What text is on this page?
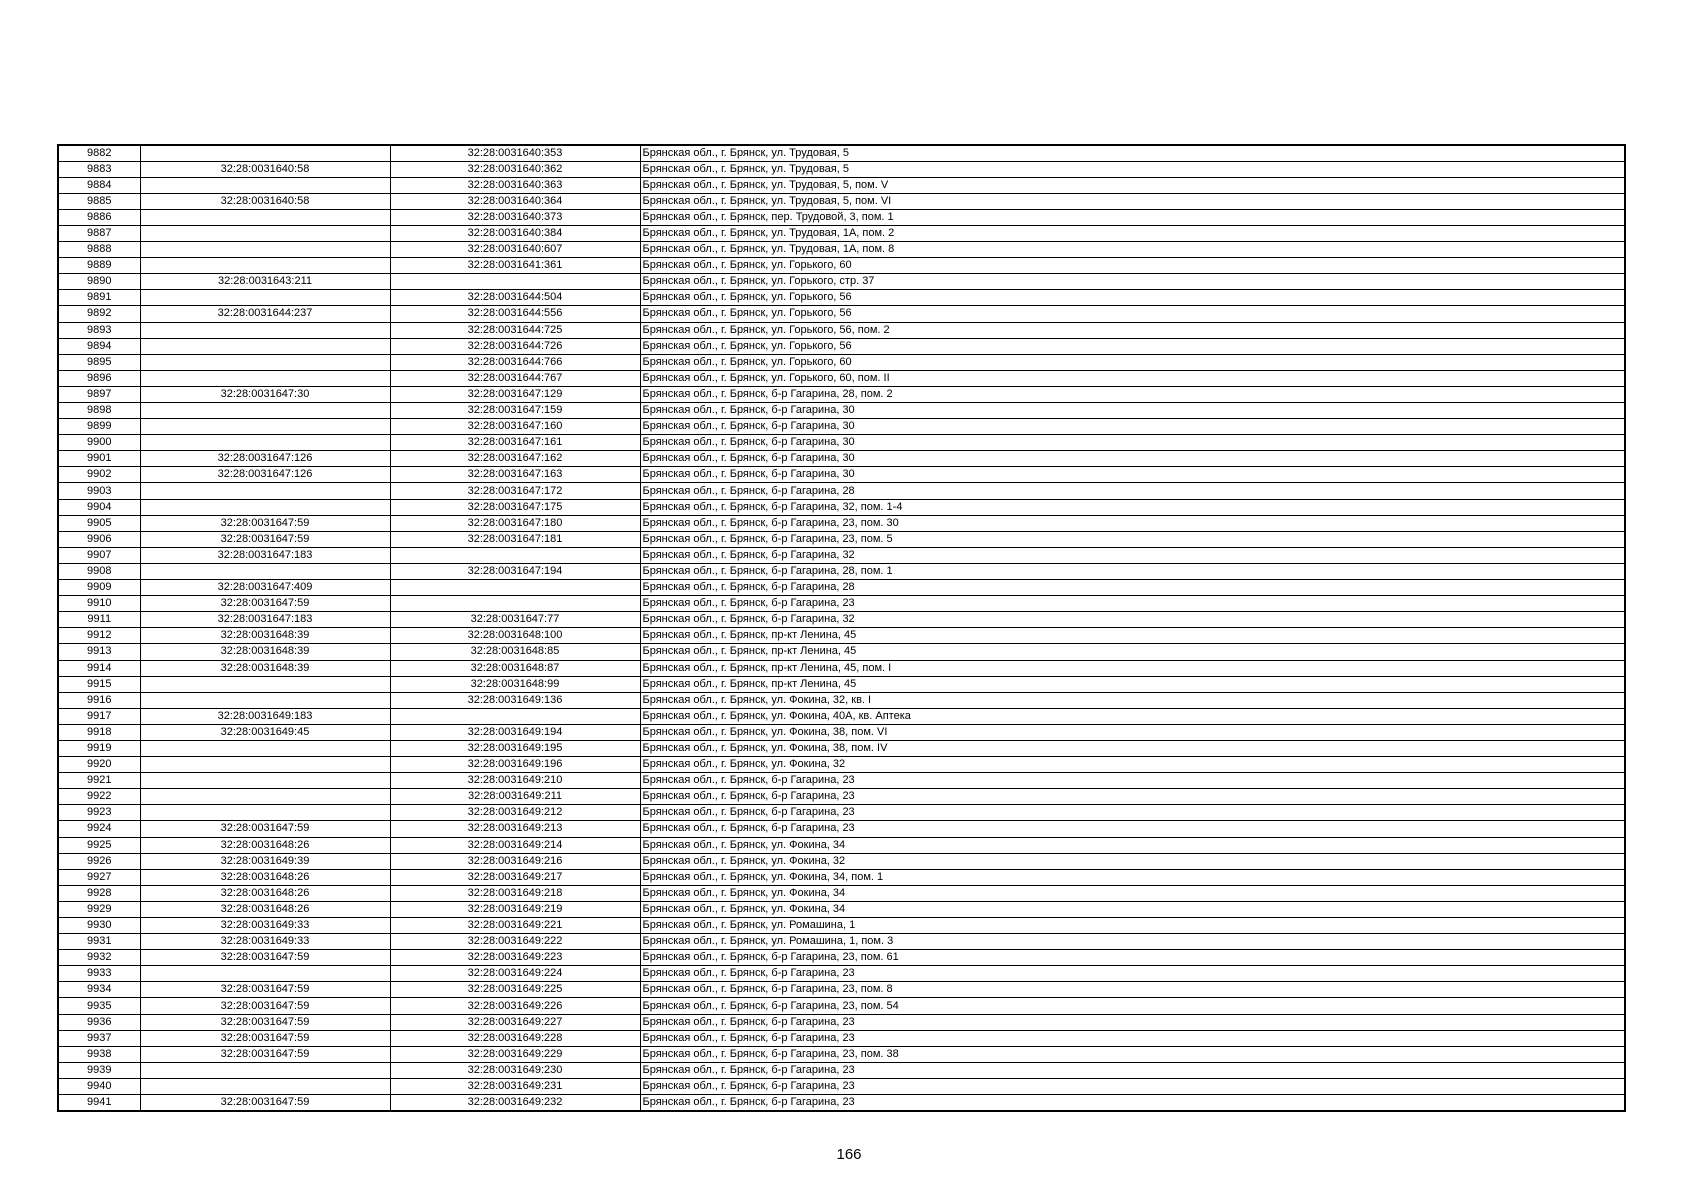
9882		32:28:0031640:353	Брянская обл., г. Брянск, ул. Трудовая, 5
9883	32:28:0031640:58	32:28:0031640:362	Брянская обл., г. Брянск, ул. Трудовая, 5
9884		32:28:0031640:363	Брянская обл., г. Брянск, ул. Трудовая, 5, пом. V
9885	32:28:0031640:58	32:28:0031640:364	Брянская обл., г. Брянск, ул. Трудовая, 5, пом. VI
9886		32:28:0031640:373	Брянская обл., г. Брянск, пер. Трудовой, 3, пом. 1
9887		32:28:0031640:384	Брянская обл., г. Брянск, ул. Трудовая, 1А, пом. 2
9888		32:28:0031640:607	Брянская обл., г. Брянск, ул. Трудовая, 1А, пом. 8
9889		32:28:0031641:361	Брянская обл., г. Брянск, ул. Горького, 60
9890	32:28:0031643:211		Брянская обл., г. Брянск, ул. Горького, стр. 37
9891		32:28:0031644:504	Брянская обл., г. Брянск, ул. Горького, 56
9892	32:28:0031644:237	32:28:0031644:556	Брянская обл., г. Брянск, ул. Горького, 56
9893		32:28:0031644:725	Брянская обл., г. Брянск, ул. Горького, 56, пом. 2
9894		32:28:0031644:726	Брянская обл., г. Брянск, ул. Горького, 56
9895		32:28:0031644:766	Брянская обл., г. Брянск, ул. Горького, 60
9896		32:28:0031644:767	Брянская обл., г. Брянск, ул. Горького, 60, пом. II
9897	32:28:0031647:30	32:28:0031647:129	Брянская обл., г. Брянск, б-р Гагарина, 28, пом. 2
9898		32:28:0031647:159	Брянская обл., г. Брянск, б-р Гагарина, 30
9899		32:28:0031647:160	Брянская обл., г. Брянск, б-р Гагарина, 30
9900		32:28:0031647:161	Брянская обл., г. Брянск, б-р Гагарина, 30
9901	32:28:0031647:126	32:28:0031647:162	Брянская обл., г. Брянск, б-р Гагарина, 30
9902	32:28:0031647:126	32:28:0031647:163	Брянская обл., г. Брянск, б-р Гагарина, 30
9903		32:28:0031647:172	Брянская обл., г. Брянск, б-р Гагарина, 28
9904		32:28:0031647:175	Брянская обл., г. Брянск, б-р Гагарина, 32, пом. 1-4
9905	32:28:0031647:59	32:28:0031647:180	Брянская обл., г. Брянск, б-р Гагарина, 23, пом. 30
9906	32:28:0031647:59	32:28:0031647:181	Брянская обл., г. Брянск, б-р Гагарина, 23, пом. 5
9907	32:28:0031647:183		Брянская обл., г. Брянск, б-р Гагарина, 32
9908		32:28:0031647:194	Брянская обл., г. Брянск, б-р Гагарина, 28, пом. 1
9909	32:28:0031647:409		Брянская обл., г. Брянск, б-р Гагарина, 28
9910	32:28:0031647:59		Брянская обл., г. Брянск, б-р Гагарина, 23
9911	32:28:0031647:183	32:28:0031647:77	Брянская обл., г. Брянск, б-р Гагарина, 32
9912	32:28:0031648:39	32:28:0031648:100	Брянская обл., г. Брянск, пр-кт Ленина, 45
9913	32:28:0031648:39	32:28:0031648:85	Брянская обл., г. Брянск, пр-кт Ленина, 45
9914	32:28:0031648:39	32:28:0031648:87	Брянская обл., г. Брянск, пр-кт Ленина, 45, пом. I
9915		32:28:0031648:99	Брянская обл., г. Брянск, пр-кт Ленина, 45
9916		32:28:0031649:136	Брянская обл., г. Брянск, ул. Фокина, 32, кв. I
9917	32:28:0031649:183		Брянская обл., г. Брянск, ул. Фокина, 40А, кв. Аптека
9918	32:28:0031649:45	32:28:0031649:194	Брянская обл., г. Брянск, ул. Фокина, 38, пом. VI
9919		32:28:0031649:195	Брянская обл., г. Брянск, ул. Фокина, 38, пом. IV
9920		32:28:0031649:196	Брянская обл., г. Брянск, ул. Фокина, 32
9921		32:28:0031649:210	Брянская обл., г. Брянск, б-р Гагарина, 23
9922		32:28:0031649:211	Брянская обл., г. Брянск, б-р Гагарина, 23
9923		32:28:0031649:212	Брянская обл., г. Брянск, б-р Гагарина, 23
9924	32:28:0031647:59	32:28:0031649:213	Брянская обл., г. Брянск, б-р Гагарина, 23
9925	32:28:0031648:26	32:28:0031649:214	Брянская обл., г. Брянск, ул. Фокина, 34
9926	32:28:0031649:39	32:28:0031649:216	Брянская обл., г. Брянск, ул. Фокина, 32
9927	32:28:0031648:26	32:28:0031649:217	Брянская обл., г. Брянск, ул. Фокина, 34, пом. 1
9928	32:28:0031648:26	32:28:0031649:218	Брянская обл., г. Брянск, ул. Фокина, 34
9929	32:28:0031648:26	32:28:0031649:219	Брянская обл., г. Брянск, ул. Фокина, 34
9930	32:28:0031649:33	32:28:0031649:221	Брянская обл., г. Брянск, ул. Ромашина, 1
9931	32:28:0031649:33	32:28:0031649:222	Брянская обл., г. Брянск, ул. Ромашина, 1, пом. 3
9932	32:28:0031647:59	32:28:0031649:223	Брянская обл., г. Брянск, б-р Гагарина, 23, пом. 61
9933		32:28:0031649:224	Брянская обл., г. Брянск, б-р Гагарина, 23
9934	32:28:0031647:59	32:28:0031649:225	Брянская обл., г. Брянск, б-р Гагарина, 23, пом. 8
9935	32:28:0031647:59	32:28:0031649:226	Брянская обл., г. Брянск, б-р Гагарина, 23, пом. 54
9936	32:28:0031647:59	32:28:0031649:227	Брянская обл., г. Брянск, б-р Гагарина, 23
9937	32:28:0031647:59	32:28:0031649:228	Брянская обл., г. Брянск, б-р Гагарина, 23
9938	32:28:0031647:59	32:28:0031649:229	Брянская обл., г. Брянск, б-р Гагарина, 23, пом. 38
9939		32:28:0031649:230	Брянская обл., г. Брянск, б-р Гагарина, 23
9940		32:28:0031649:231	Брянская обл., г. Брянск, б-р Гагарина, 23
9941	32:28:0031647:59	32:28:0031649:232	Брянская обл., г. Брянск, б-р Гагарина, 23
166
